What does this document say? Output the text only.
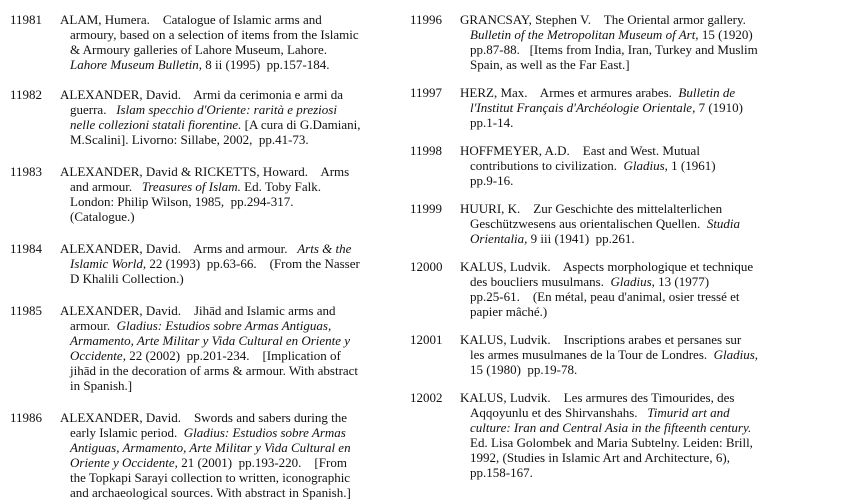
11981	ALAM, Humera.    Catalogue of Islamic arms and
armoury, based on a selection of items from the Islamic
& Armoury galleries of Lahore Museum, Lahore.
Lahore Museum Bulletin, 8 ii (1995)  pp.157-184.
11982	ALEXANDER, David.    Armi da cerimonia e armi da
guerra.   Islam specchio d'Oriente: rarità e preziosi
nelle collezioni statali fiorentine. [A cura di G.Damiani,
M.Scalini]. Livorno: Sillabe, 2002,  pp.41-73.
11983	ALEXANDER, David & RICKETTS, Howard.    Arms
and armour.   Treasures of Islam. Ed. Toby Falk.
London: Philip Wilson, 1985,  pp.294-317.
(Catalogue.)
11984	ALEXANDER, David.    Arms and armour.   Arts & the
Islamic World, 22 (1993)  pp.63-66.    (From the Nasser
D Khalili Collection.)
11985	ALEXANDER, David.    Jihād and Islamic arms and
armour.  Gladius: Estudios sobre Armas Antiguas,
Armamento, Arte Militar y Vida Cultural en Oriente y
Occidente, 22 (2002)  pp.201-234.    [Implication of
jihād in the decoration of arms & armour. With abstract
in Spanish.]
11986	ALEXANDER, David.    Swords and sabers during the
early Islamic period.  Gladius: Estudios sobre Armas
Antiguas, Armamento, Arte Militar y Vida Cultural en
Oriente y Occidente, 21 (2001)  pp.193-220.    [From
the Topkapi Sarayi collection to written, iconographic
and archaeological sources. With abstract in Spanish.]
11996	GRANCSAY, Stephen V.    The Oriental armor gallery.
Bulletin of the Metropolitan Museum of Art, 15 (1920)
pp.87-88.   [Items from India, Iran, Turkey and Muslim
Spain, as well as the Far East.]
11997	HERZ, Max.    Armes et armures arabes.  Bulletin de
l'Institut Français d'Archéologie Orientale, 7 (1910)
pp.1-14.
11998	HOFFMEYER, A.D.    East and West. Mutual
contributions to civilization.  Gladius, 1 (1961)
pp.9-16.
11999	HUURI, K.    Zur Geschichte des mittelalterlichen
Geschützwesens aus orientalischen Quellen.  Studia
Orientalia, 9 iii (1941)  pp.261.
12000	KALUS, Ludvik.    Aspects morphologique et technique
des boucliers musulmans.  Gladius, 13 (1977)
pp.25-61.    (En métal, peau d'animal, osier tressé et
papier mâché.)
12001	KALUS, Ludvik.    Inscriptions arabes et persanes sur
les armes musulmanes de la Tour de Londres.  Gladius,
15 (1980)  pp.19-78.
12002	KALUS, Ludvik.    Les armures des Timourides, des
Aqqoyunlu et des Shirvanshahs.   Timurid art and
culture: Iran and Central Asia in the fifteenth century.
Ed. Lisa Golombek and Maria Subtelny. Leiden: Brill,
1992, (Studies in Islamic Art and Architecture, 6),
pp.158-167.
